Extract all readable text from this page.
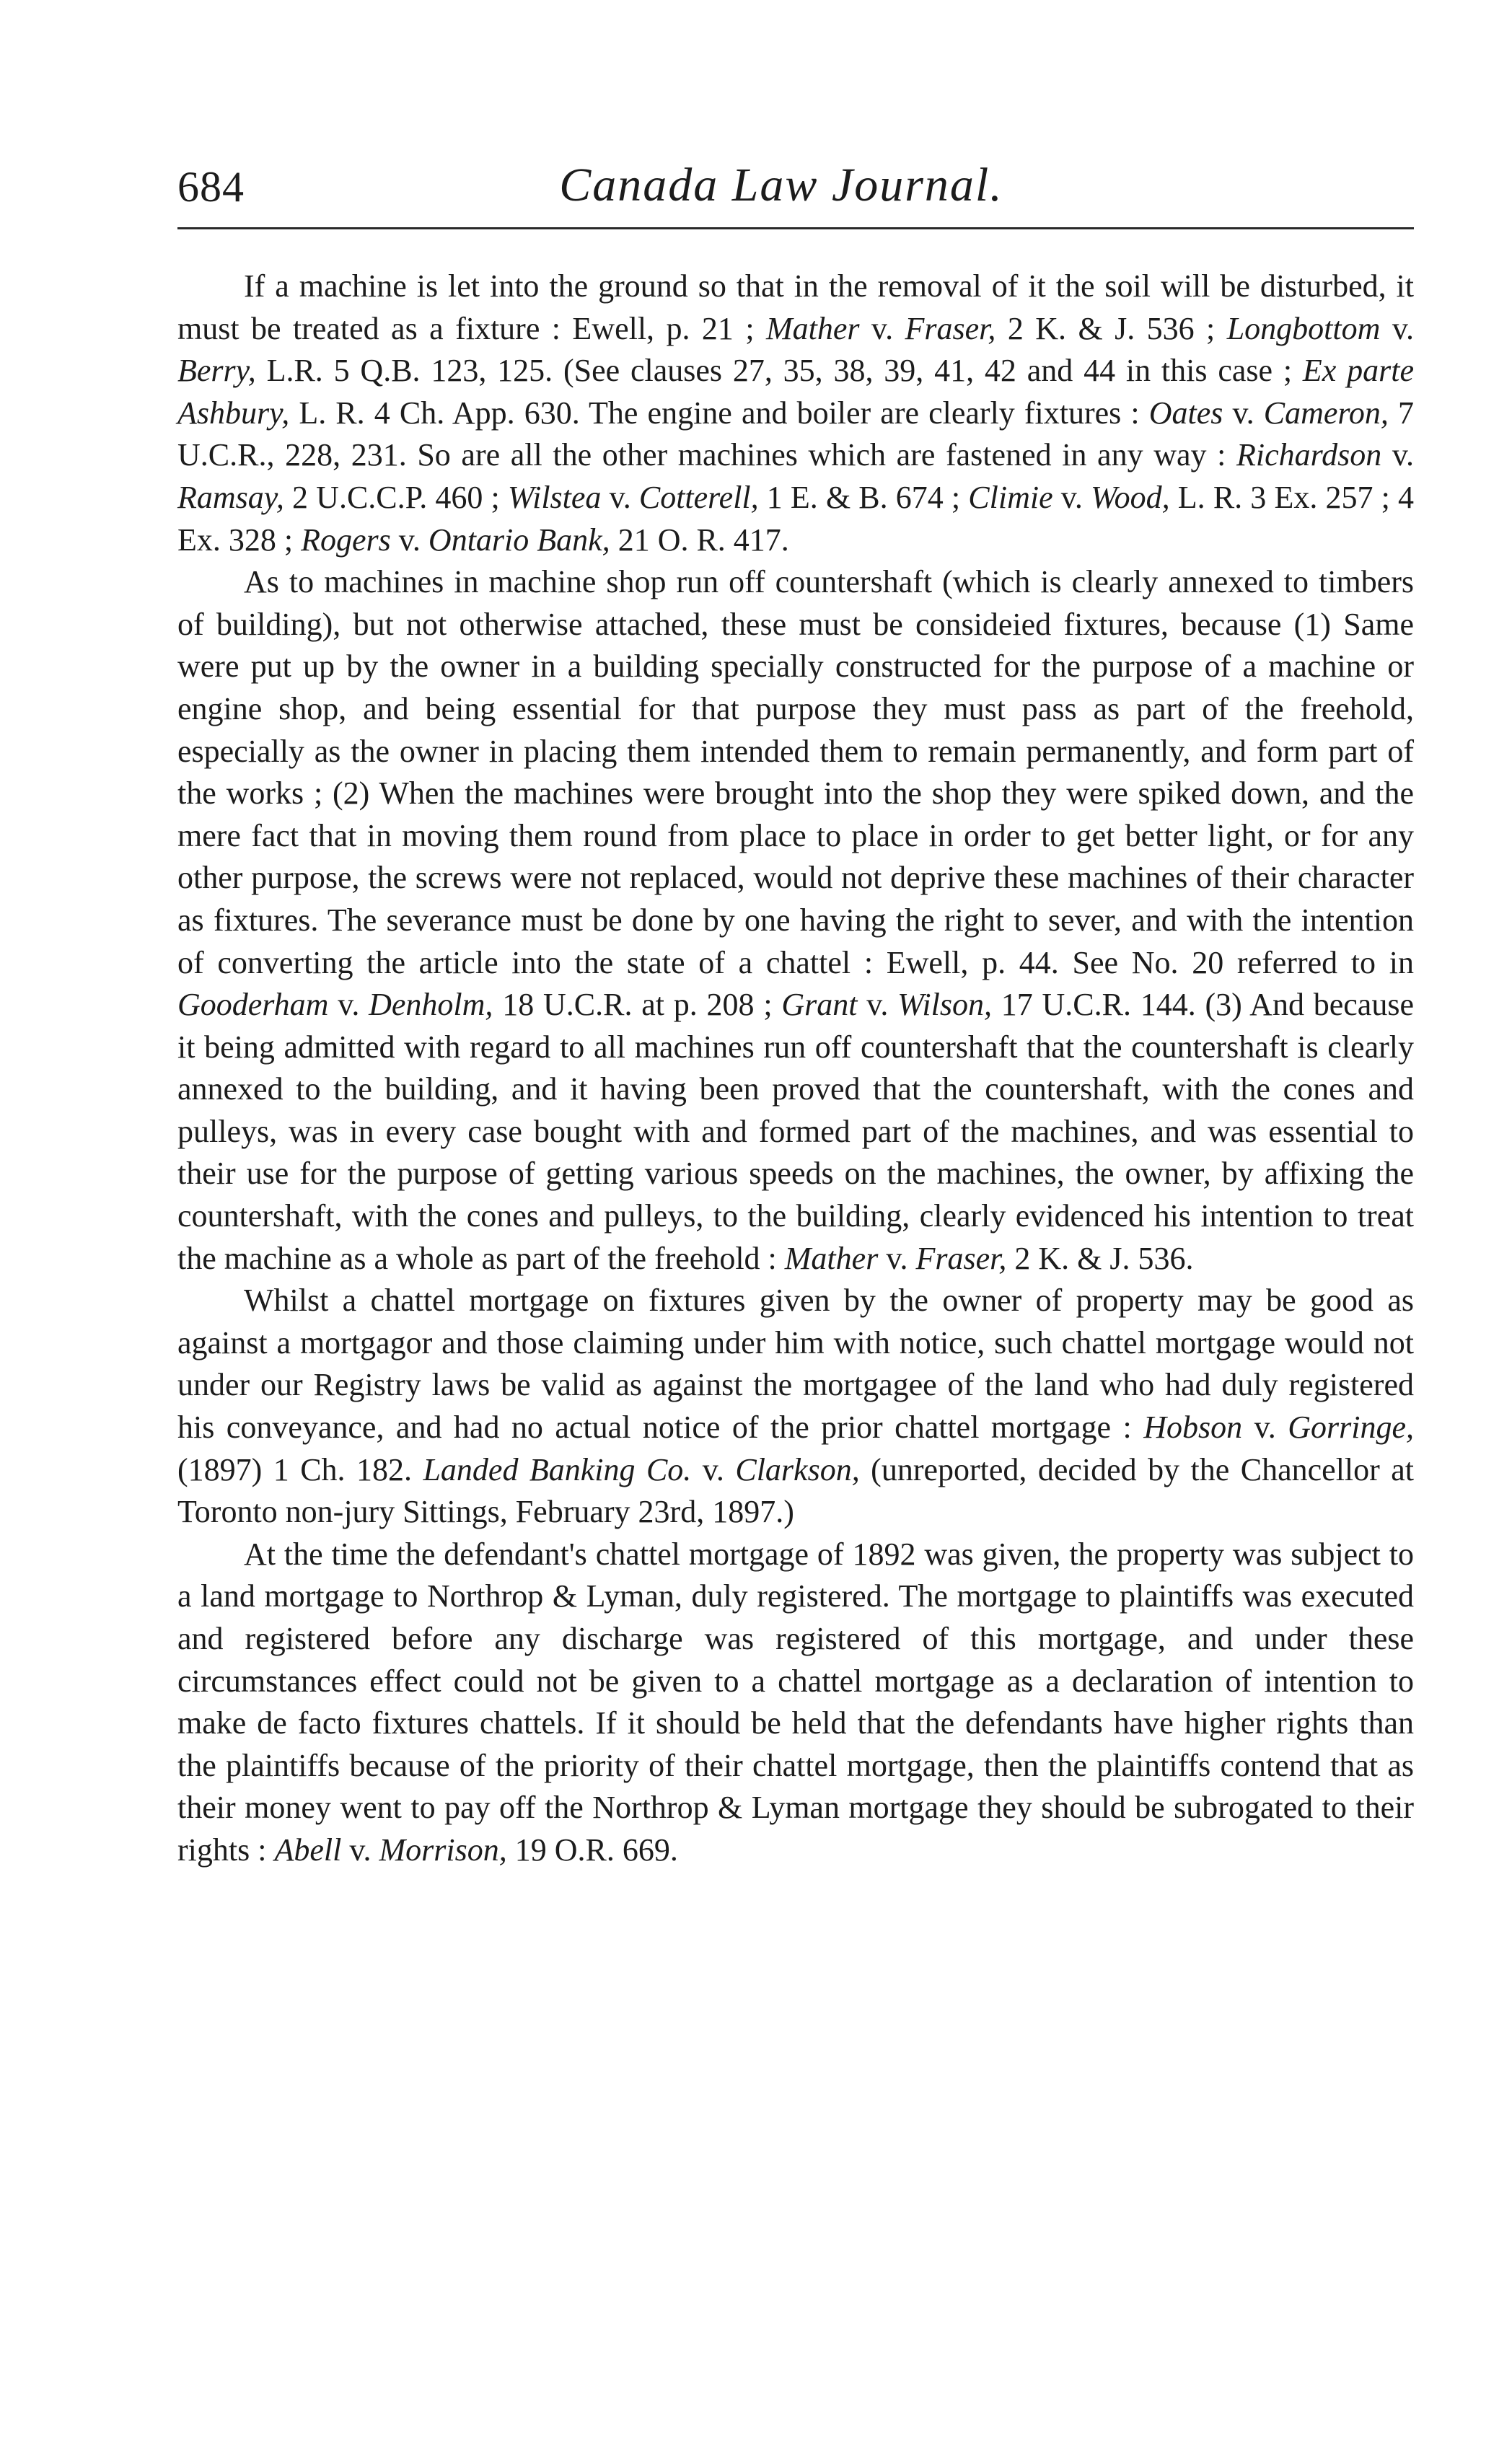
684	Canada Law Journal.

If a machine is let into the ground so that in the removal of it the soil will be disturbed, it must be treated as a fixture : Ewell, p. 21 ; Mather v. Fraser, 2 K. & J. 536 ; Longbottom v. Berry, L.R. 5 Q.B. 123, 125. (See clauses 27, 35, 38, 39, 41, 42 and 44 in this case ; Ex parte Ashbury, L. R. 4 Ch. App. 630. The engine and boiler are clearly fixtures : Oates v. Cameron, 7 U.C.R., 228, 231. So are all the other machines which are fastened in any way : Richardson v. Ramsay, 2 U.C.C.P. 460 ; Wilstea v. Cotterell, 1 E. & B. 674 ; Climie v. Wood, L. R. 3 Ex. 257 ; 4 Ex. 328 ; Rogers v. Ontario Bank, 21 O. R. 417.

As to machines in machine shop run off countershaft (which is clearly annexed to timbers of building), but not otherwise attached, these must be consideied fixtures, because (1) Same were put up by the owner in a building specially constructed for the purpose of a machine or engine shop, and being essential for that purpose they must pass as part of the freehold, especially as the owner in placing them intended them to remain permanently, and form part of the works ; (2) When the machines were brought into the shop they were spiked down, and the mere fact that in moving them round from place to place in order to get better light, or for any other purpose, the screws were not replaced, would not deprive these machines of their character as fixtures. The severance must be done by one having the right to sever, and with the intention of converting the article into the state of a chattel : Ewell, p. 44. See No. 20 referred to in Gooderham v. Denholm, 18 U.C.R. at p. 208 ; Grant v. Wilson, 17 U.C.R. 144. (3) And because it being admitted with regard to all machines run off countershaft that the countershaft is clearly annexed to the building, and it having been proved that the countershaft, with the cones and pulleys, was in every case bought with and formed part of the machines, and was essential to their use for the purpose of getting various speeds on the machines, the owner, by affixing the countershaft, with the cones and pulleys, to the building, clearly evidenced his intention to treat the machine as a whole as part of the freehold : Mather v. Fraser, 2 K. & J. 536.

Whilst a chattel mortgage on fixtures given by the owner of property may be good as against a mortgagor and those claiming under him with notice, such chattel mortgage would not under our Registry laws be valid as against the mortgagee of the land who had duly registered his conveyance, and had no actual notice of the prior chattel mortgage : Hobson v. Gorringe, (1897) 1 Ch. 182. Landed Banking Co. v. Clarkson, (unreported, decided by the Chancellor at Toronto non-jury Sittings, February 23rd, 1897.)

At the time the defendant's chattel mortgage of 1892 was given, the property was subject to a land mortgage to Northrop & Lyman, duly registered. The mortgage to plaintiffs was executed and registered before any discharge was registered of this mortgage, and under these circumstances effect could not be given to a chattel mortgage as a declaration of intention to make de facto fixtures chattels. If it should be held that the defendants have higher rights than the plaintiffs because of the priority of their chattel mortgage, then the plaintiffs contend that as their money went to pay off the Northrop & Lyman mortgage they should be subrogated to their rights : Abell v. Morrison, 19 O.R. 669.
